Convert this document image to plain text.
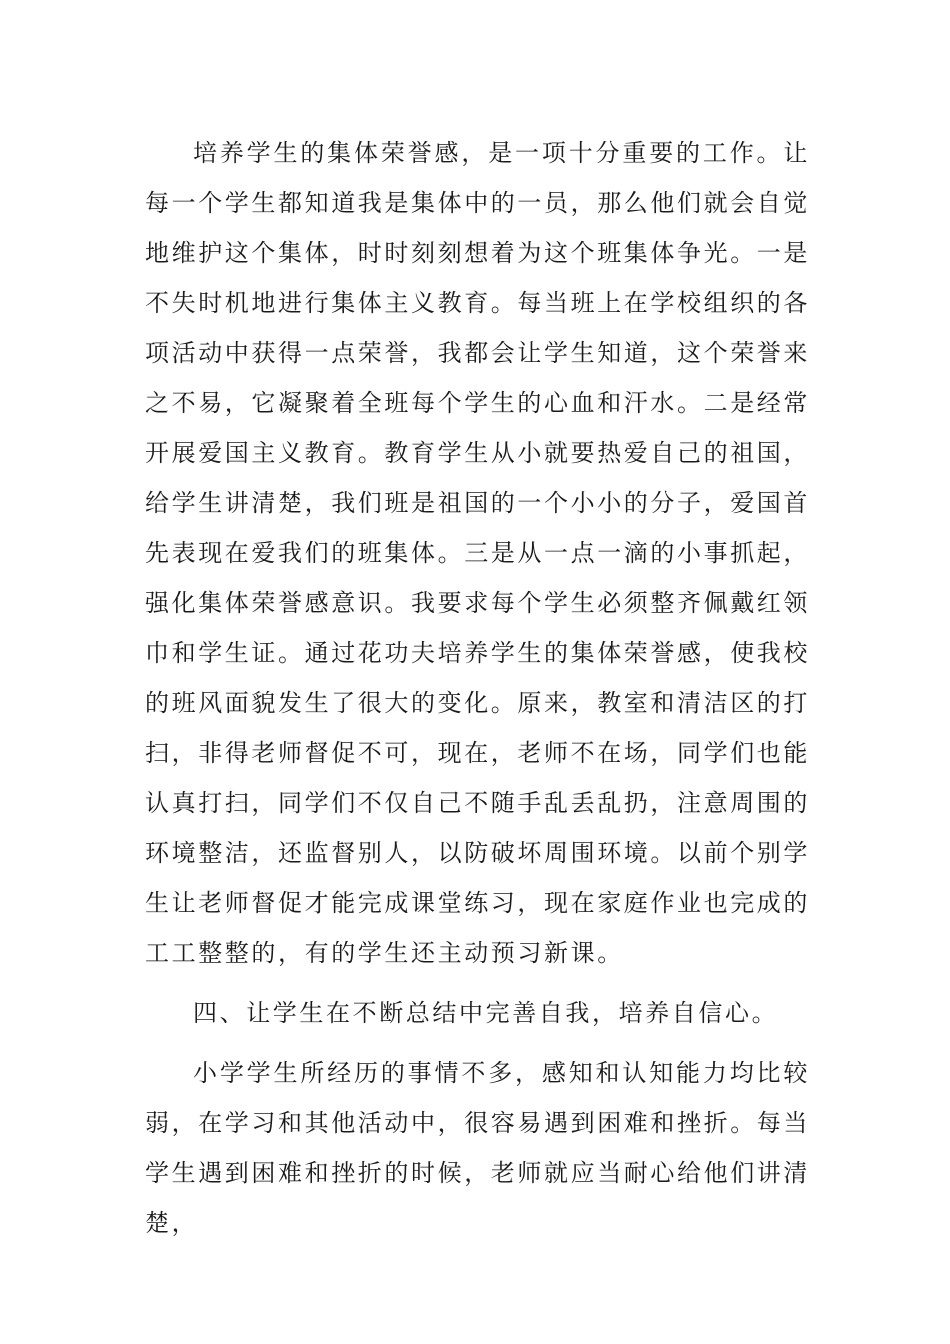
培养学生的集体荣誉感，是一项十分重要的工作。让每一个学生都知道我是集体中的一员，那么他们就会自觉地维护这个集体，时时刻刻想着为这个班集体争光。一是不失时机地进行集体主义教育。每当班上在学校组织的各项活动中获得一点荣誉，我都会让学生知道，这个荣誉来之不易，它凝聚着全班每个学生的心血和汗水。二是经常开展爱国主义教育。教育学生从小就要热爱自己的祖国，给学生讲清楚，我们班是祖国的一个小小的分子，爱国首先表现在爱我们的班集体。三是从一点一滴的小事抓起，强化集体荣誉感意识。我要求每个学生必须整齐佩戴红领巾和学生证。通过花功夫培养学生的集体荣誉感，使我校的班风面貌发生了很大的变化。原来，教室和清洁区的打扫，非得老师督促不可，现在，老师不在场，同学们也能认真打扫，同学们不仅自己不随手乱丢乱扔，注意周围的环境整洁，还监督别人，以防破坏周围环境。以前个别学生让老师督促才能完成课堂练习，现在家庭作业也完成的工工整整的，有的学生还主动预习新课。

四、让学生在不断总结中完善自我，培养自信心。

小学学生所经历的事情不多，感知和认知能力均比较弱，在学习和其他活动中，很容易遇到困难和挫折。每当学生遇到困难和挫折的时候，老师就应当耐心给他们讲清楚，
